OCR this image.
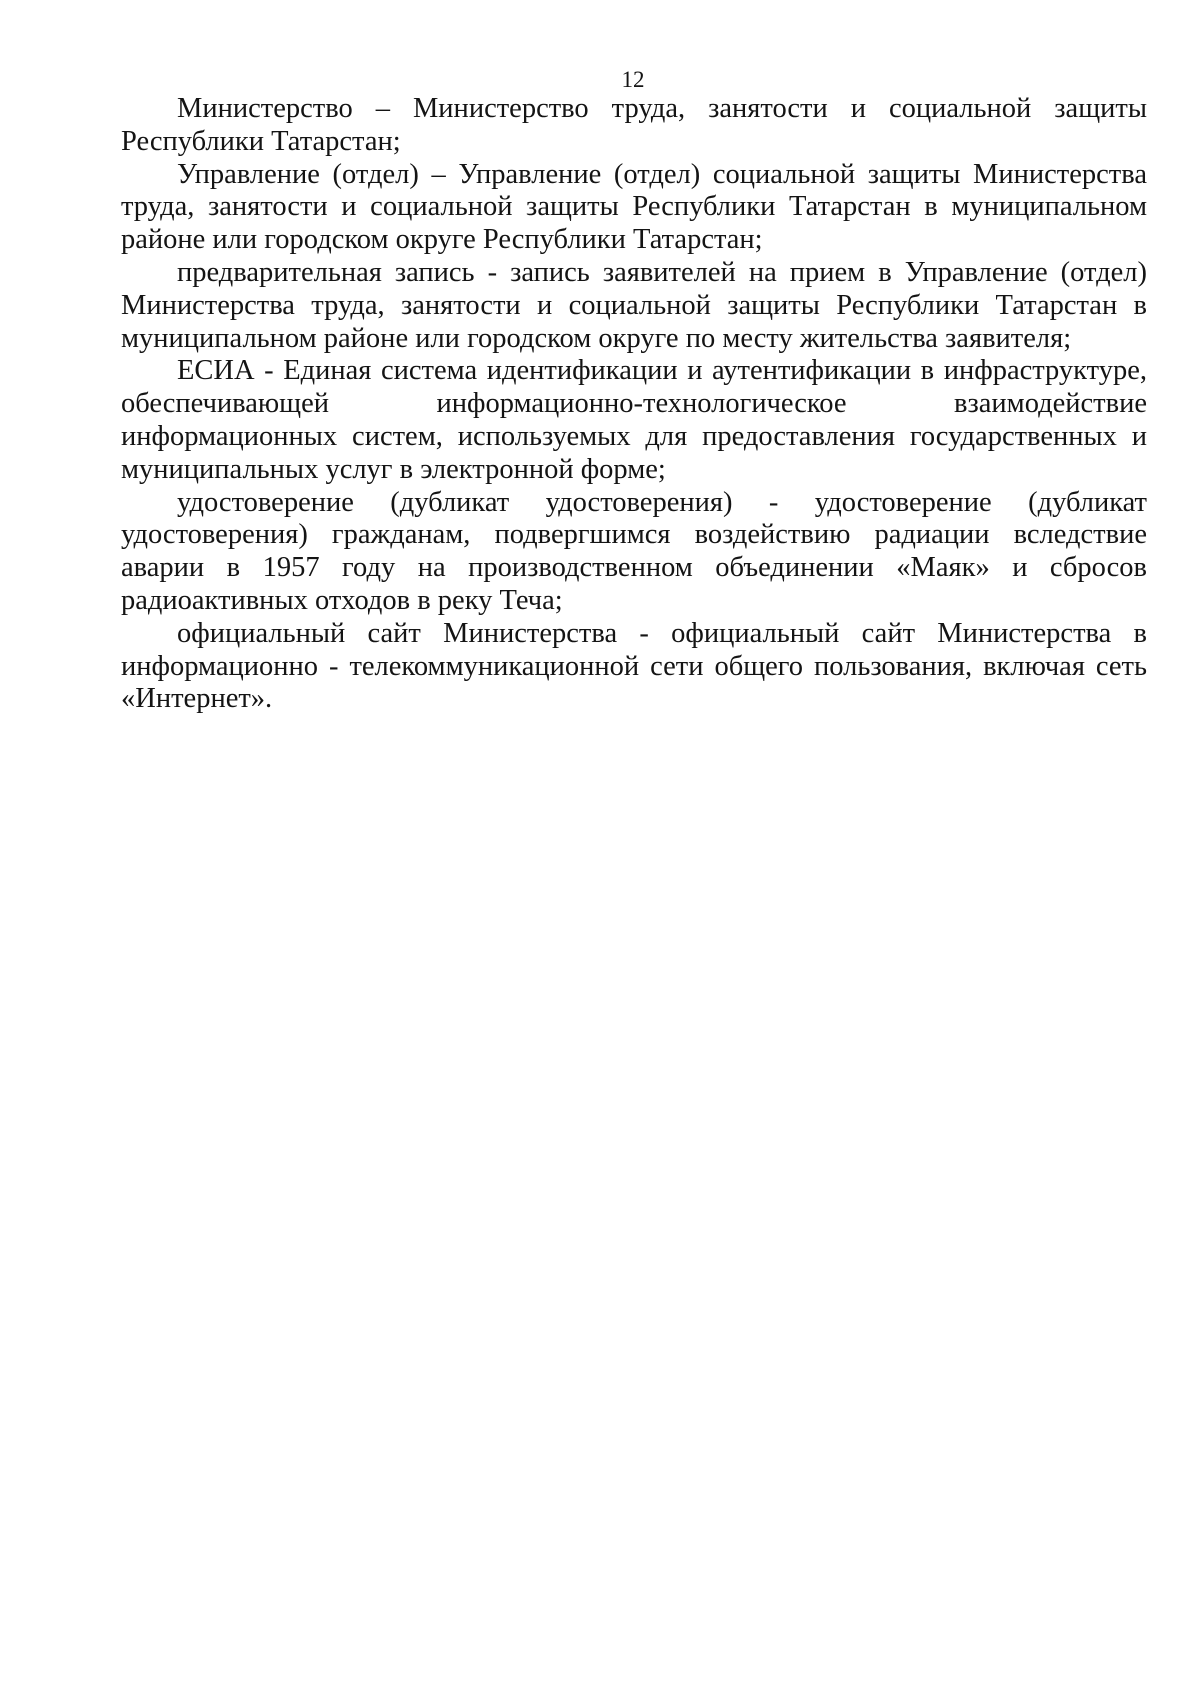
12

Министерство – Министерство труда, занятости и социальной защиты Республики Татарстан;

Управление (отдел) – Управление (отдел) социальной защиты Министерства труда, занятости и социальной защиты Республики Татарстан в муниципальном районе или городском округе Республики Татарстан;

предварительная запись - запись заявителей на прием в Управление (отдел) Министерства труда, занятости и социальной защиты Республики Татарстан в муниципальном районе или городском округе по месту жительства заявителя;

ЕСИА - Единая система идентификации и аутентификации в инфраструктуре, обеспечивающей информационно-технологическое взаимодействие информационных систем, используемых для предоставления государственных и муниципальных услуг в электронной форме;

удостоверение (дубликат удостоверения) - удостоверение (дубликат удостоверения) гражданам, подвергшимся воздействию радиации вследствие аварии в 1957 году на производственном объединении «Маяк» и сбросов радиоактивных отходов в реку Теча;

официальный сайт Министерства - официальный сайт Министерства в информационно - телекоммуникационной сети общего пользования, включая сеть «Интернет».
